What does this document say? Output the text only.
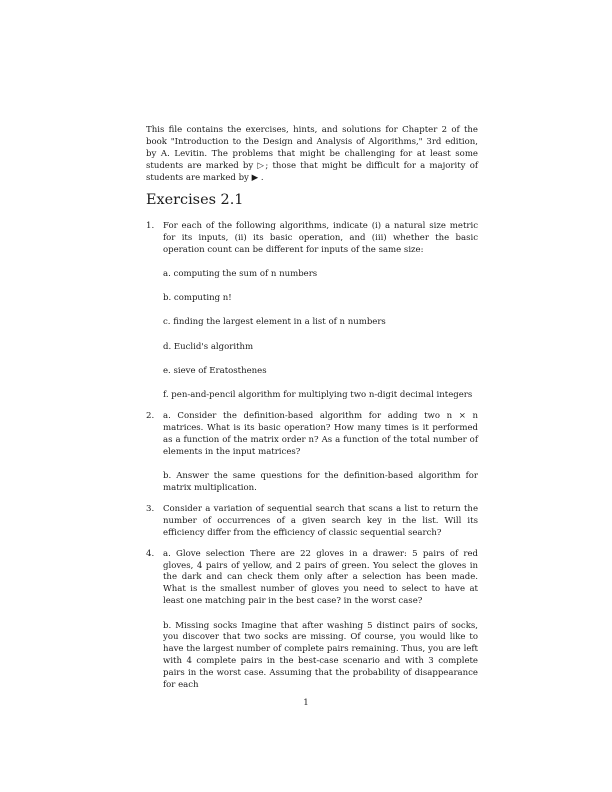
This file contains the exercises, hints, and solutions for Chapter 2 of the book "Introduction to the Design and Analysis of Algorithms," 3rd edition, by A. Levitin. The problems that might be challenging for at least some students are marked by ▷; those that might be difficult for a majority of students are marked by ▶ .

Exercises 2.1
1. For each of the following algorithms, indicate (i) a natural size metric for its inputs, (ii) its basic operation, and (iii) whether the basic operation count can be different for inputs of the same size:

a. computing the sum of n numbers

b. computing n!

c. finding the largest element in a list of n numbers

d. Euclid's algorithm

e. sieve of Eratosthenes

f. pen-and-pencil algorithm for multiplying two n-digit decimal integers

2. a. Consider the definition-based algorithm for adding two n × n matrices. What is its basic operation? How many times is it performed as a function of the matrix order n? As a function of the total number of elements in the input matrices?

b. Answer the same questions for the definition-based algorithm for matrix multiplication.

3. Consider a variation of sequential search that scans a list to return the number of occurrences of a given search key in the list. Will its efficiency differ from the efficiency of classic sequential search?

4. a. Glove selection There are 22 gloves in a drawer: 5 pairs of red gloves, 4 pairs of yellow, and 2 pairs of green. You select the gloves in the dark and can check them only after a selection has been made. What is the smallest number of gloves you need to select to have at least one matching pair in the best case? in the worst case?

b. Missing socks Imagine that after washing 5 distinct pairs of socks, you discover that two socks are missing. Of course, you would like to have the largest number of complete pairs remaining. Thus, you are left with 4 complete pairs in the best-case scenario and with 3 complete pairs in the worst case. Assuming that the probability of disappearance for each

1
